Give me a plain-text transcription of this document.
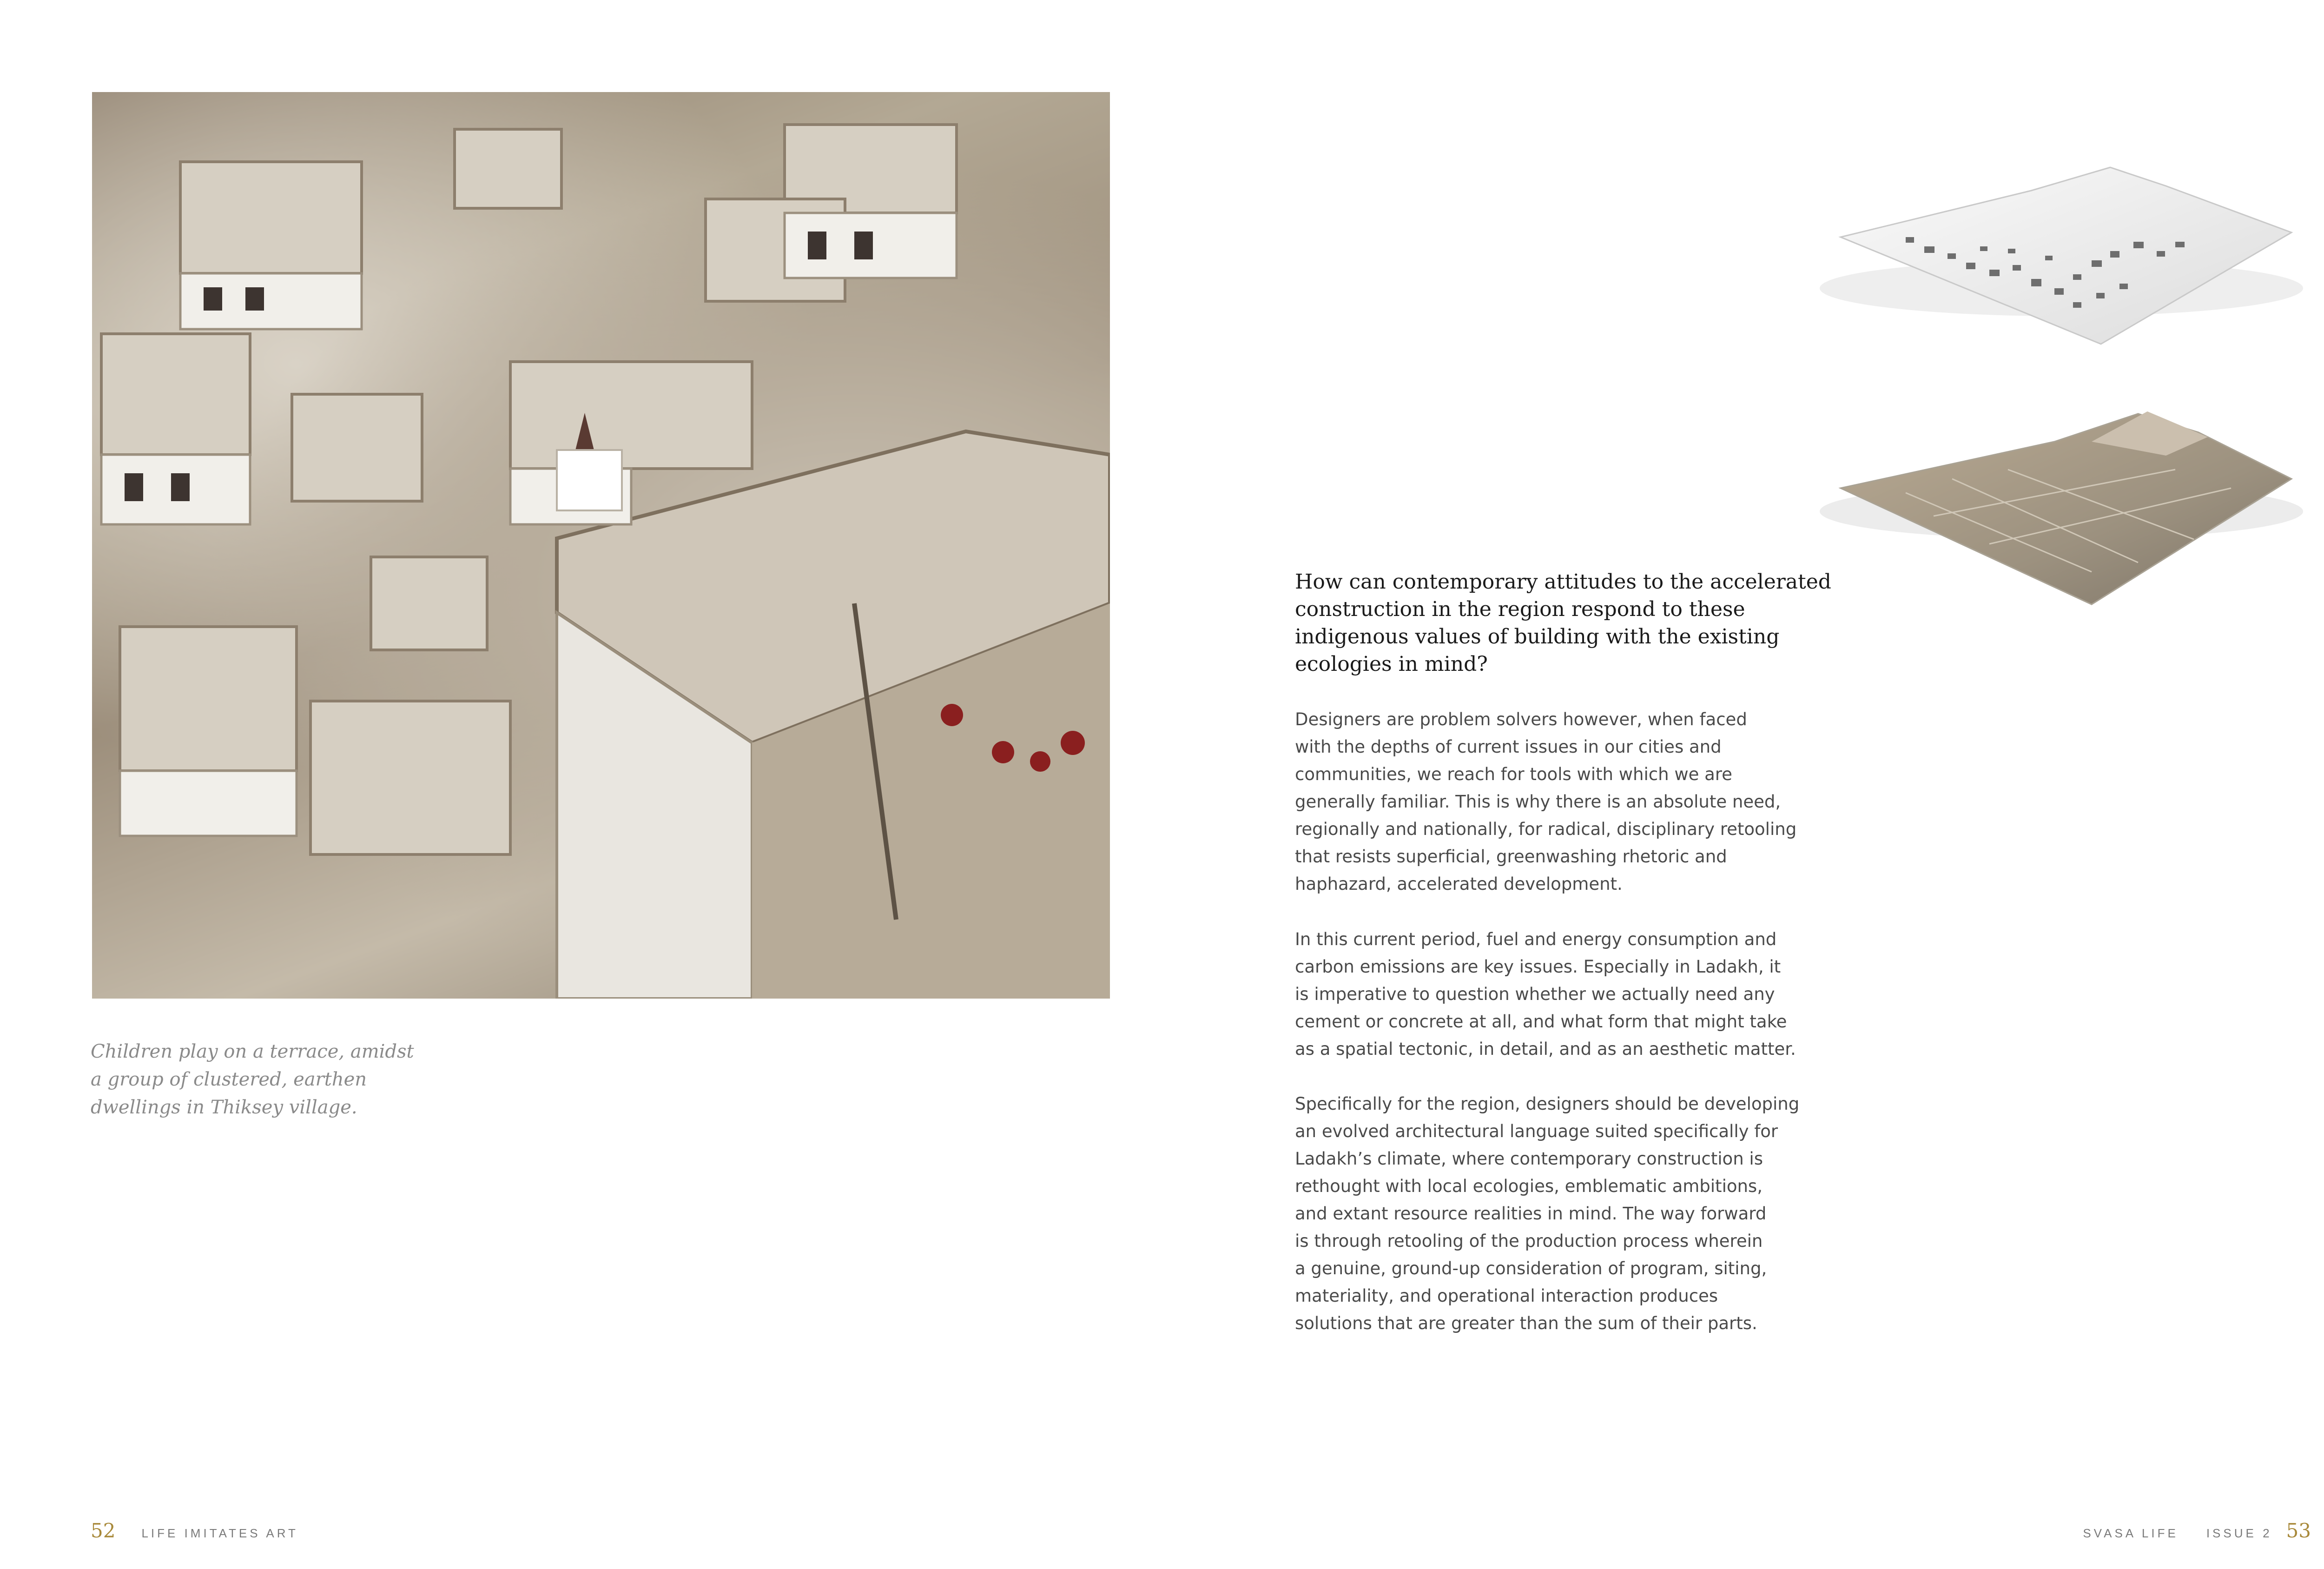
Children play on a terrace, amidst
a group of clustered, earthen
dwellings in Thiksey village.
52 LIFE IMITATES ART
How can contemporary attitudes to the accelerated
construction in the region respond to these
indigenous values of building with the existing
ecologies in mind?
Designers are problem solvers however, when faced
with the depths of current issues in our cities and
communities, we reach for tools with which we are
generally familiar. This is why there is an absolute need,
regionally and nationally, for radical, disciplinary retooling
that resists superficial, greenwashing rhetoric and
haphazard, accelerated development.
In this current period, fuel and energy consumption and
carbon emissions are key issues. Especially in Ladakh, it
is imperative to question whether we actually need any
cement or concrete at all, and what form that might take
as a spatial tectonic, in detail, and as an aesthetic matter.
Specifically for the region, designers should be developing
an evolved architectural language suited specifically for
Ladakh’s climate, where contemporary construction is
rethought with local ecologies, emblematic ambitions,
and extant resource realities in mind. The way forward
is through retooling of the production process wherein
a genuine, ground-up consideration of program, siting,
materiality, and operational interaction produces
solutions that are greater than the sum of their parts.
SVASA LIFE ISSUE 2 53
